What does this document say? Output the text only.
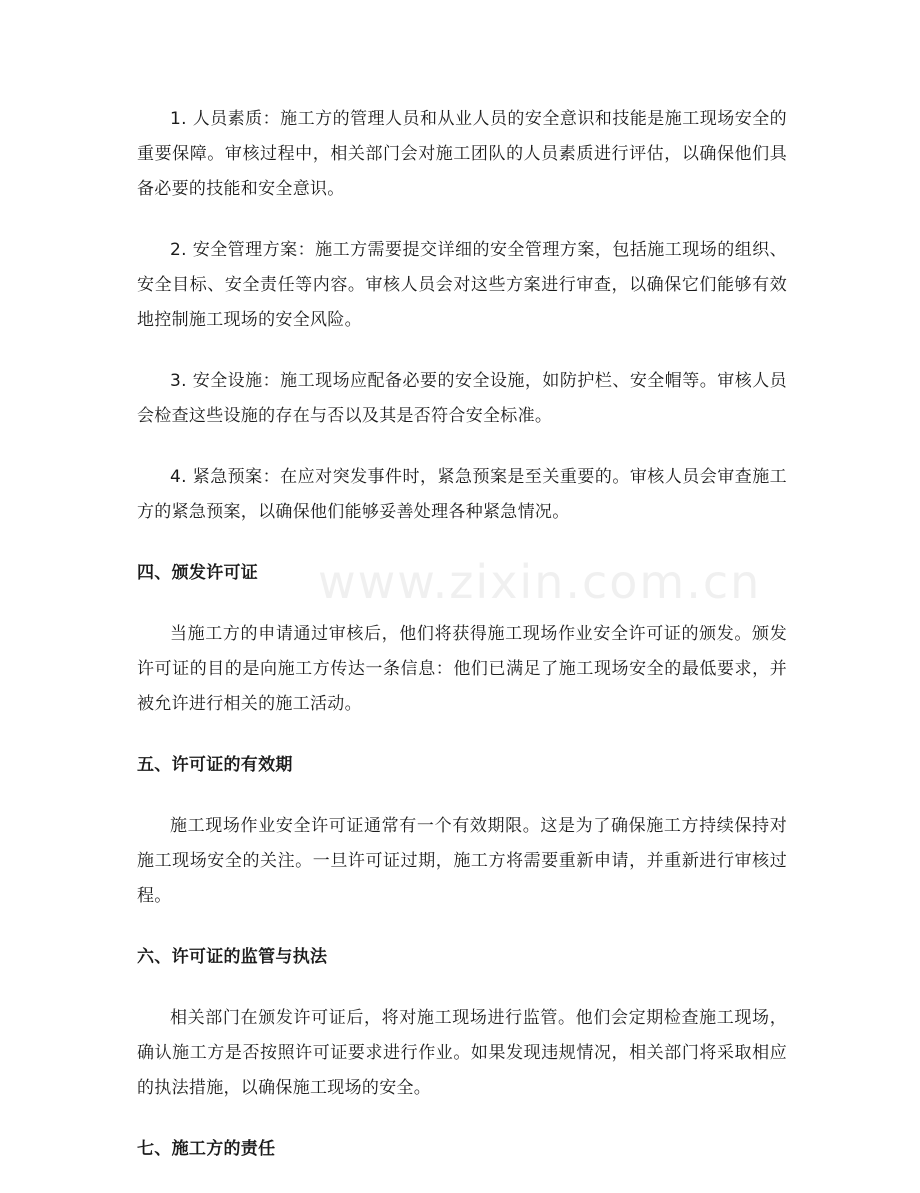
1. 人员素质：施工方的管理人员和从业人员的安全意识和技能是施工现场安全的重要保障。审核过程中，相关部门会对施工团队的人员素质进行评估，以确保他们具备必要的技能和安全意识。

2. 安全管理方案：施工方需要提交详细的安全管理方案，包括施工现场的组织、安全目标、安全责任等内容。审核人员会对这些方案进行审查，以确保它们能够有效地控制施工现场的安全风险。

3. 安全设施：施工现场应配备必要的安全设施，如防护栏、安全帽等。审核人员会检查这些设施的存在与否以及其是否符合安全标准。

4. 紧急预案：在应对突发事件时，紧急预案是至关重要的。审核人员会审查施工方的紧急预案，以确保他们能够妥善处理各种紧急情况。

四、颁发许可证

当施工方的申请通过审核后，他们将获得施工现场作业安全许可证的颁发。颁发许可证的目的是向施工方传达一条信息：他们已满足了施工现场安全的最低要求，并被允许进行相关的施工活动。

五、许可证的有效期

施工现场作业安全许可证通常有一个有效期限。这是为了确保施工方持续保持对施工现场安全的关注。一旦许可证过期，施工方将需要重新申请，并重新进行审核过程。

六、许可证的监管与执法

相关部门在颁发许可证后，将对施工现场进行监管。他们会定期检查施工现场，确认施工方是否按照许可证要求进行作业。如果发现违规情况，相关部门将采取相应的执法措施，以确保施工现场的安全。

七、施工方的责任
www.zixin.com.cn
